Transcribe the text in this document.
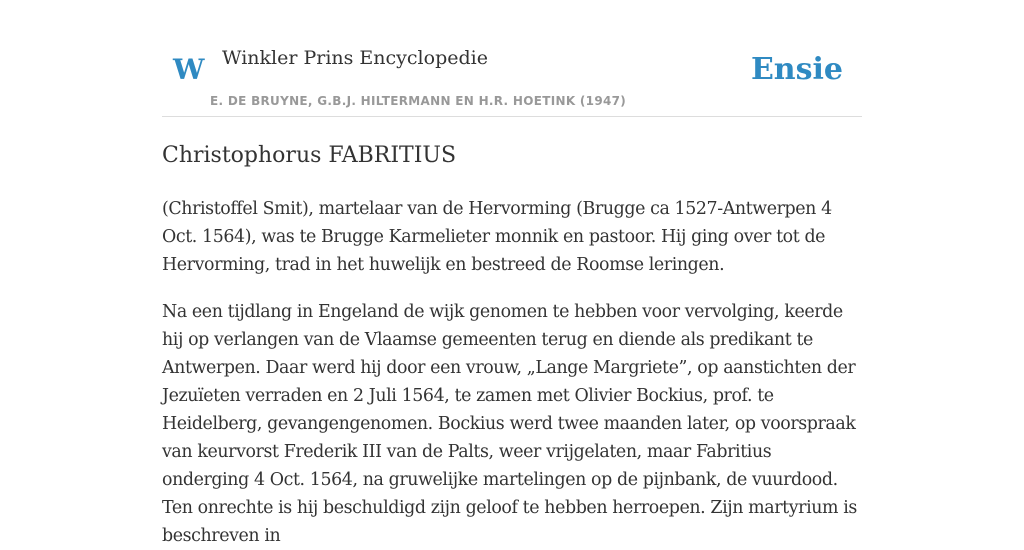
W Winkler Prins Encyclopedie	Ensie
E. DE BRUYNE, G.B.J. HILTERMANN EN H.R. HOETINK (1947)
Christophorus FABRITIUS

(Christoffel Smit), martelaar van de Hervorming (Brugge ca 1527-Antwerpen 4 Oct. 1564), was te Brugge Karmelieter monnik en pastoor. Hij ging over tot de Hervorming, trad in het huwelijk en bestreed de Roomse leringen.

Na een tijdlang in Engeland de wijk genomen te hebben voor vervolging, keerde hij op verlangen van de Vlaamse gemeenten terug en diende als predikant te Antwerpen. Daar werd hij door een vrouw, „Lange Margriete”, op aanstichten der Jezuïeten verraden en 2 Juli 1564, te zamen met Olivier Bockius, prof. te Heidelberg, gevangengenomen. Bockius werd twee maanden later, op voorspraak van keurvorst Frederik III van de Palts, weer vrijgelaten, maar Fabritius onderging 4 Oct. 1564, na gruwelijke martelingen op de pijnbank, de vuurdood. Ten onrechte is hij beschuldigd zijn geloof te hebben herroepen. Zijn martyrium is beschreven in
